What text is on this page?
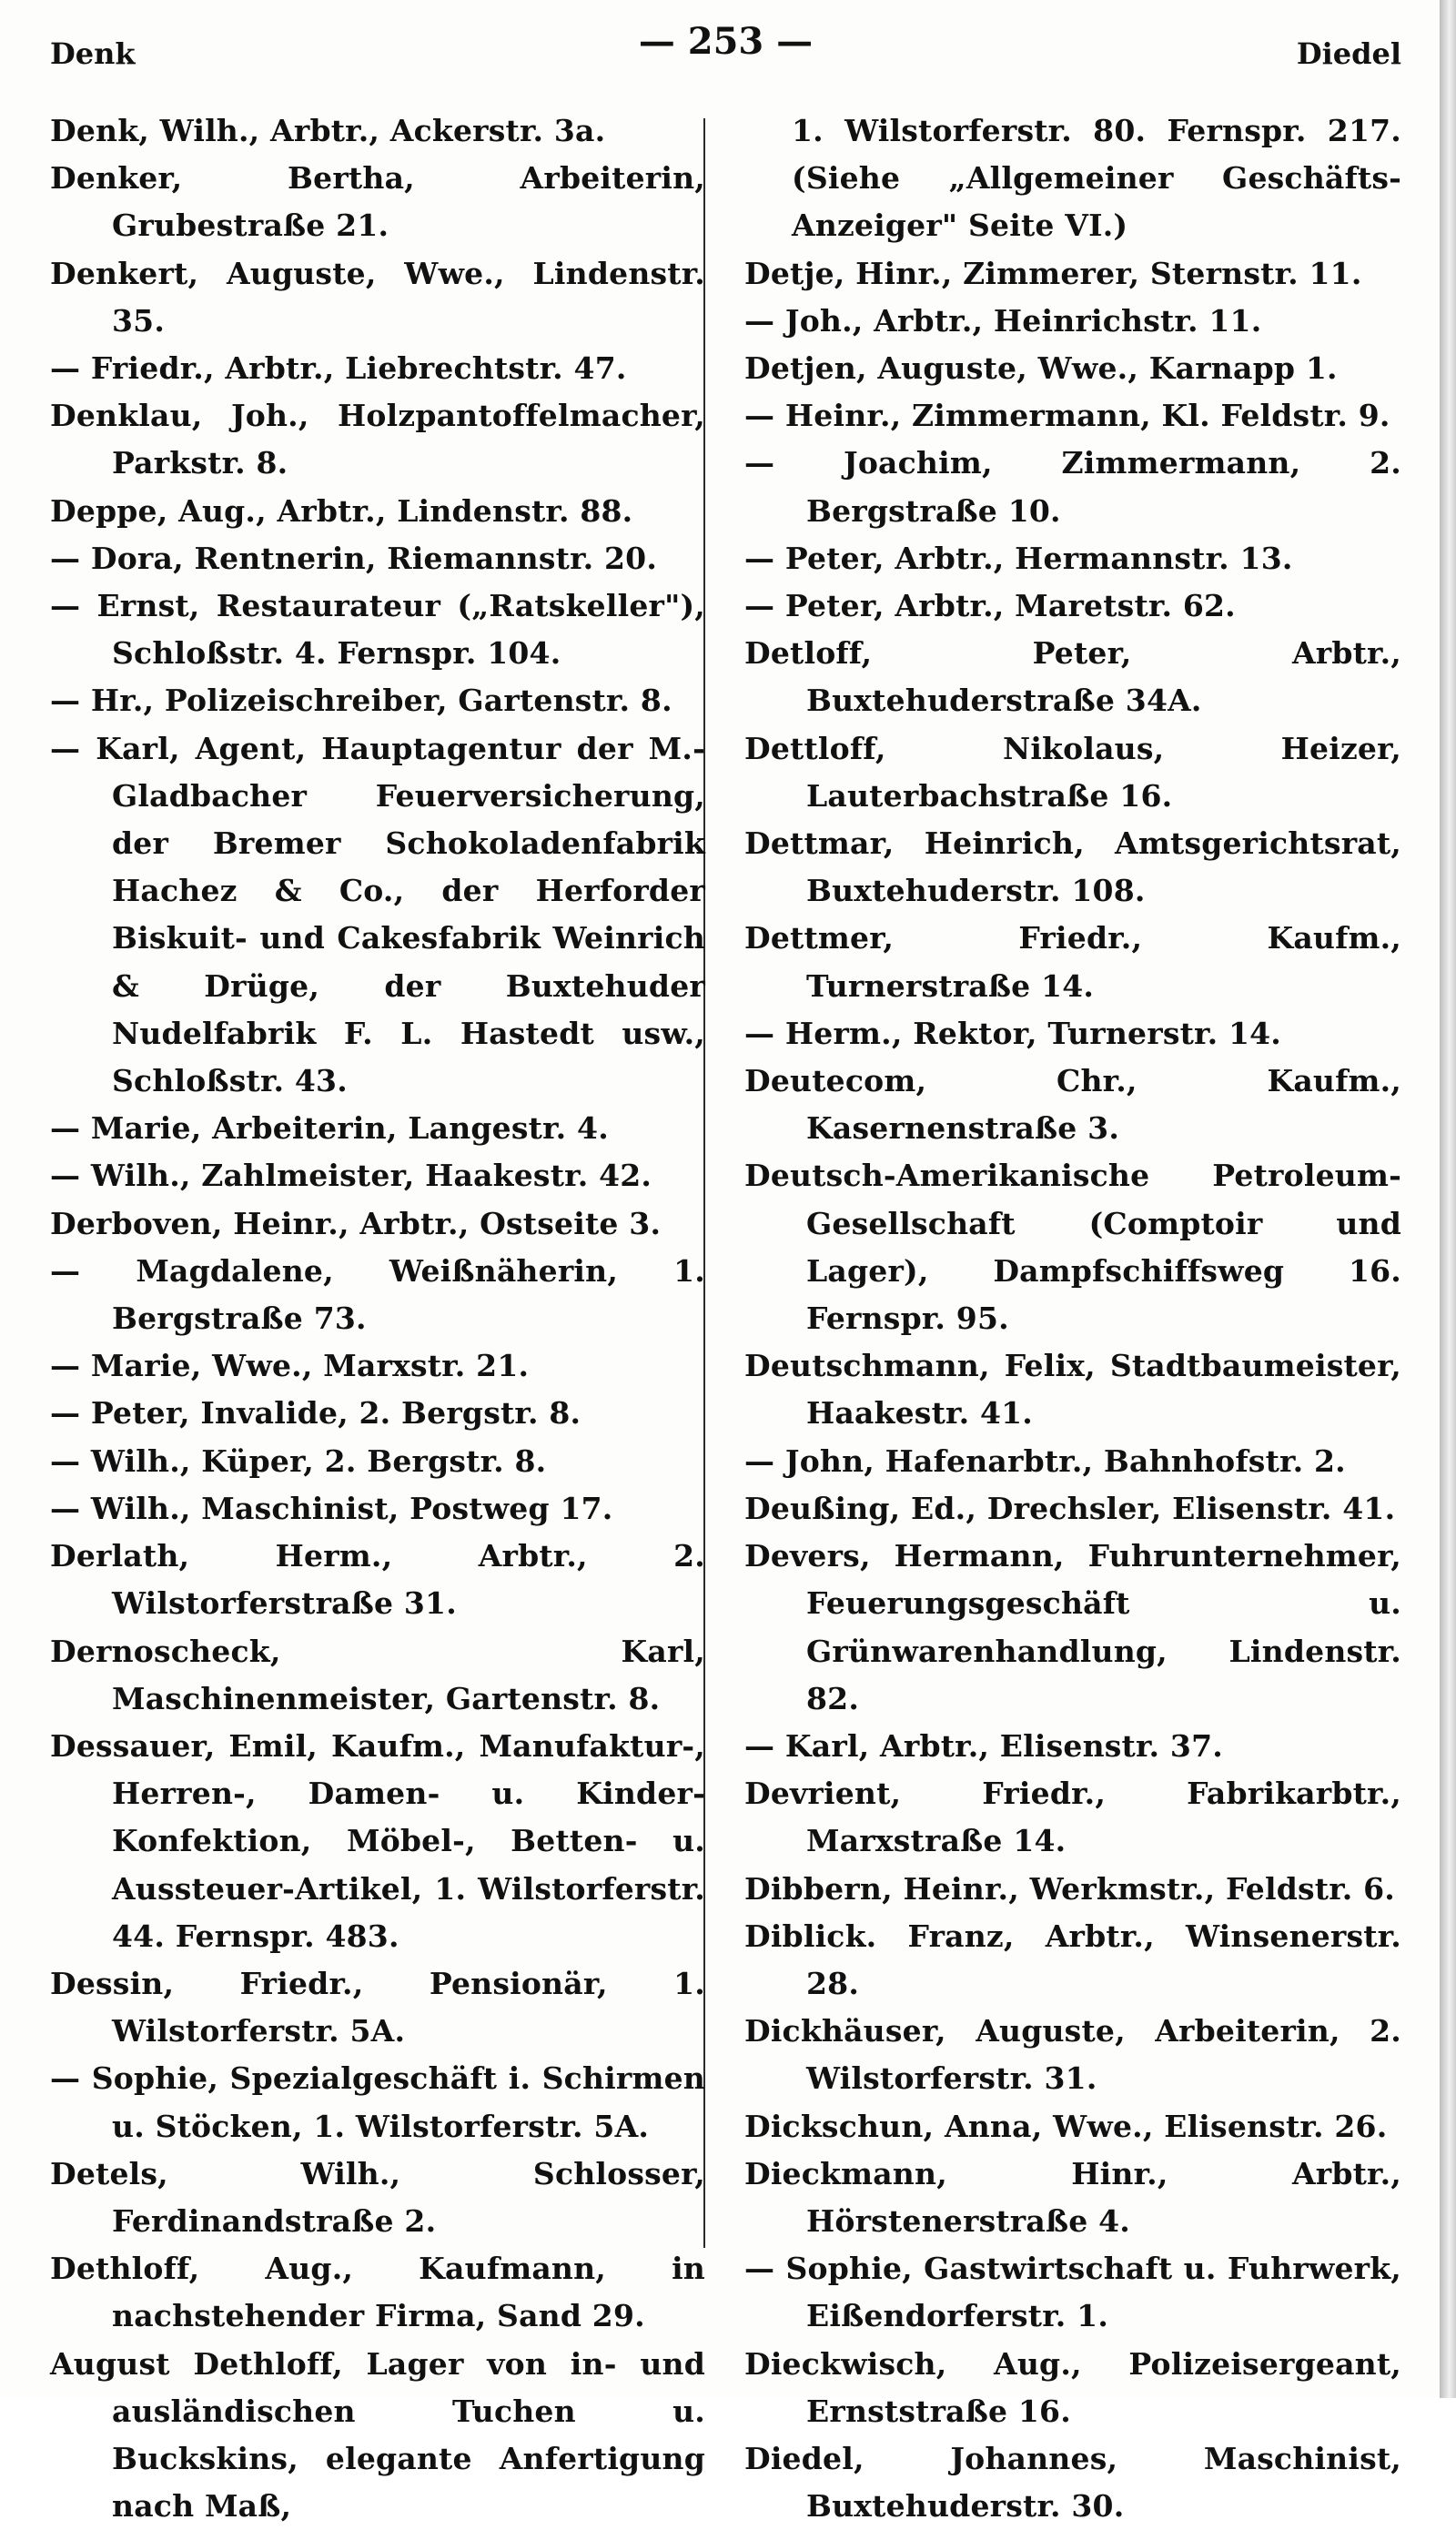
Denk	— 253 —	Diedel

Denk, Wilh., Arbtr., Ackerstr. 3a.

Denker, Bertha, Arbeiterin, Grubestraße 21.

Denkert, Auguste, Wwe., Lindenstr. 35.

— Friedr., Arbtr., Liebrechtstr. 47.

Denklau, Joh., Holzpantoffelmacher, Parkstr. 8.

Deppe, Aug., Arbtr., Lindenstr. 88.

— Dora, Rentnerin, Riemannstr. 20.

— Ernst, Restaurateur („Ratskeller"), Schloßstr. 4. Fernspr. 104.

— Hr., Polizeischreiber, Gartenstr. 8.

— Karl, Agent, Hauptagentur der M.-Gladbacher Feuerversicherung, der Bremer Schokoladenfabrik Hachez & Co., der Herforder Biskuit- und Cakesfabrik Weinrich & Drüge, der Buxtehuder Nudelfabrik F. L. Hastedt usw., Schloßstr. 43.

— Marie, Arbeiterin, Langestr. 4.

— Wilh., Zahlmeister, Haakestr. 42.

Derboven, Heinr., Arbtr., Ostseite 3.

— Magdalene, Weißnäherin, 1. Bergstraße 73.

— Marie, Wwe., Marxstr. 21.

— Peter, Invalide, 2. Bergstr. 8.

— Wilh., Küper, 2. Bergstr. 8.

— Wilh., Maschinist, Postweg 17.

Derlath, Herm., Arbtr., 2. Wilstorferstraße 31.

Dernoscheck, Karl, Maschinenmeister, Gartenstr. 8.

Dessauer, Emil, Kaufm., Manufaktur-, Herren-, Damen- u. Kinder-Konfektion, Möbel-, Betten- u. Aussteuer-Artikel, 1. Wilstorferstr. 44. Fernspr. 483.

Dessin, Friedr., Pensionär, 1. Wilstorferstr. 5A.

— Sophie, Spezialgeschäft i. Schirmen u. Stöcken, 1. Wilstorferstr. 5A.

Detels, Wilh., Schlosser, Ferdinandstraße 2.

Dethloff, Aug., Kaufmann, in nachstehender Firma, Sand 29.

August Dethloff, Lager von in- und ausländischen Tuchen u. Buckskins, elegante Anfertigung nach Maß,

1. Wilstorferstr. 80. Fernspr. 217. (Siehe „Allgemeiner Geschäfts-Anzeiger" Seite VI.)

Detje, Hinr., Zimmerer, Sternstr. 11.

— Joh., Arbtr., Heinrichstr. 11.

Detjen, Auguste, Wwe., Karnapp 1.

— Heinr., Zimmermann, Kl. Feldstr. 9.

— Joachim, Zimmermann, 2. Bergstraße 10.

— Peter, Arbtr., Hermannstr. 13.

— Peter, Arbtr., Maretstr. 62.

Detloff, Peter, Arbtr., Buxtehuderstraße 34A.

Dettloff, Nikolaus, Heizer, Lauterbachstraße 16.

Dettmar, Heinrich, Amtsgerichtsrat, Buxtehuderstr. 108.

Dettmer, Friedr., Kaufm., Turnerstraße 14.

— Herm., Rektor, Turnerstr. 14.

Deutecom, Chr., Kaufm., Kasernenstraße 3.

Deutsch-Amerikanische Petroleum-Gesellschaft (Comptoir und Lager), Dampfschiffsweg 16. Fernspr. 95.

Deutschmann, Felix, Stadtbaumeister, Haakestr. 41.

— John, Hafenarbtr., Bahnhofstr. 2.

Deußing, Ed., Drechsler, Elisenstr. 41.

Devers, Hermann, Fuhrunternehmer, Feuerungsgeschäft u. Grünwarenhandlung, Lindenstr. 82.

— Karl, Arbtr., Elisenstr. 37.

Devrient, Friedr., Fabrikarbtr., Marxstraße 14.

Dibbern, Heinr., Werkmstr., Feldstr. 6.

Diblick. Franz, Arbtr., Winsenerstr. 28.

Dickhäuser, Auguste, Arbeiterin, 2. Wilstorferstr. 31.

Dickschun, Anna, Wwe., Elisenstr. 26.

Dieckmann, Hinr., Arbtr., Hörstenerstraße 4.

— Sophie, Gastwirtschaft u. Fuhrwerk, Eißendorferstr. 1.

Dieckwisch, Aug., Polizeisergeant, Ernststraße 16.

Diedel, Johannes, Maschinist, Buxtehuderstr. 30.
